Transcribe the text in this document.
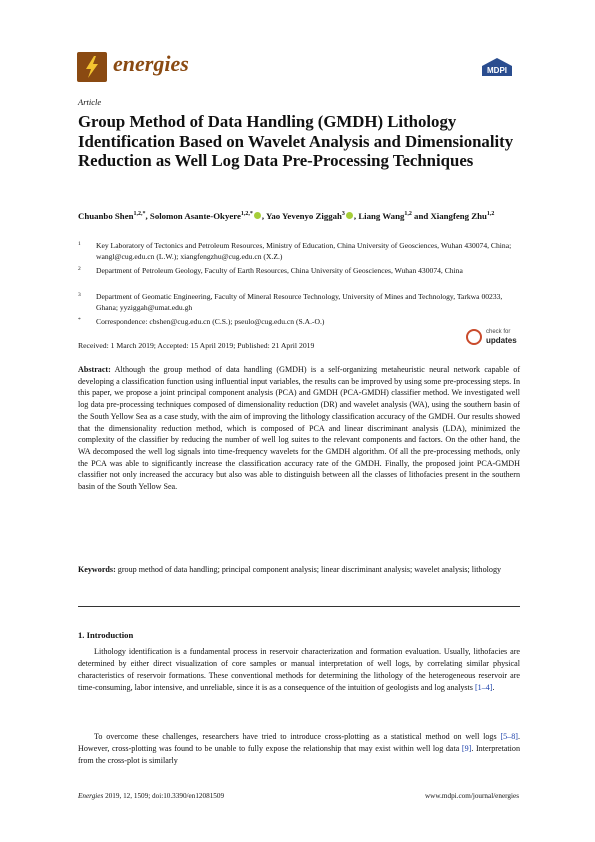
energies	MDPI
Article
Group Method of Data Handling (GMDH) Lithology Identification Based on Wavelet Analysis and Dimensionality Reduction as Well Log Data Pre-Processing Techniques
Chuanbo Shen$^{1,2,*}$, Solomon Asante-Okyere$^{1,2,*}$ , Yao Yevenyo Ziggah$^3$ , Liang Wang$^{1,2}$ and Xiangfeng Zhu$^{1,2}$
1 Key Laboratory of Tectonics and Petroleum Resources, Ministry of Education, China University of Geosciences, Wuhan 430074, China; wangl@cug.edu.cn (L.W.); xiangfengzhu@cug.edu.cn (X.Z.)
2 Department of Petroleum Geology, Faculty of Earth Resources, China University of Geosciences, Wuhan 430074, China
3 Department of Geomatic Engineering, Faculty of Mineral Resource Technology, University of Mines and Technology, Tarkwa 00233, Ghana; yyziggah@umat.edu.gh
* Correspondence: cbshen@cug.edu.cn (C.S.); pseulo@cug.edu.cn (S.A.-O.)
check for
updates
Received: 1 March 2019; Accepted: 15 April 2019; Published: 21 April 2019
Abstract: Although the group method of data handling (GMDH) is a self-organizing metaheuristic neural network capable of developing a classification function using influential input variables, the results can be improved by using some pre-processing steps. In this paper, we propose a joint principal component analysis (PCA) and GMDH (PCA-GMDH) classifier method. We investigated well log data pre-processing techniques composed of dimensionality reduction (DR) and wavelet analysis (WA), using the southern basin of the South Yellow Sea as a case study, with the aim of improving the lithology classification accuracy of the GMDH. Our results showed that the dimensionality reduction method, which is composed of PCA and linear discriminant analysis (LDA), minimized the complexity of the classifier by reducing the number of well log suites to the relevant components and factors. On the other hand, the WA decomposed the well log signals into time-frequency wavelets for the GMDH algorithm. Of all the pre-processing methods, only the PCA was able to significantly increase the classification accuracy rate of the GMDH. Finally, the proposed joint PCA-GMDH classifier not only increased the accuracy but also was able to distinguish between all the classes of lithofacies present in the southern basin of the South Yellow Sea.
Keywords: group method of data handling; principal component analysis; linear discriminant analysis; wavelet analysis; lithology
1. Introduction
Lithology identification is a fundamental process in reservoir characterization and formation evaluation. Usually, lithofacies are determined by either direct visualization of core samples or manual interpretation of well logs, by correlating similar physical characteristics of reservoir formations. These conventional methods for determining the lithology of the heterogeneous reservoir are time-consuming, labor intensive, and unreliable, since it is as a consequence of the intuition of geologists and log analysts [1–4].
To overcome these challenges, researchers have tried to introduce cross-plotting as a statistical method on well logs [5–8]. However, cross-plotting was found to be unable to fully expose the relationship that may exist within well log data [9]. Interpretation from the cross-plot is similarly
Energies 2019, 12, 1509; doi:10.3390/en12081509	www.mdpi.com/journal/energies
